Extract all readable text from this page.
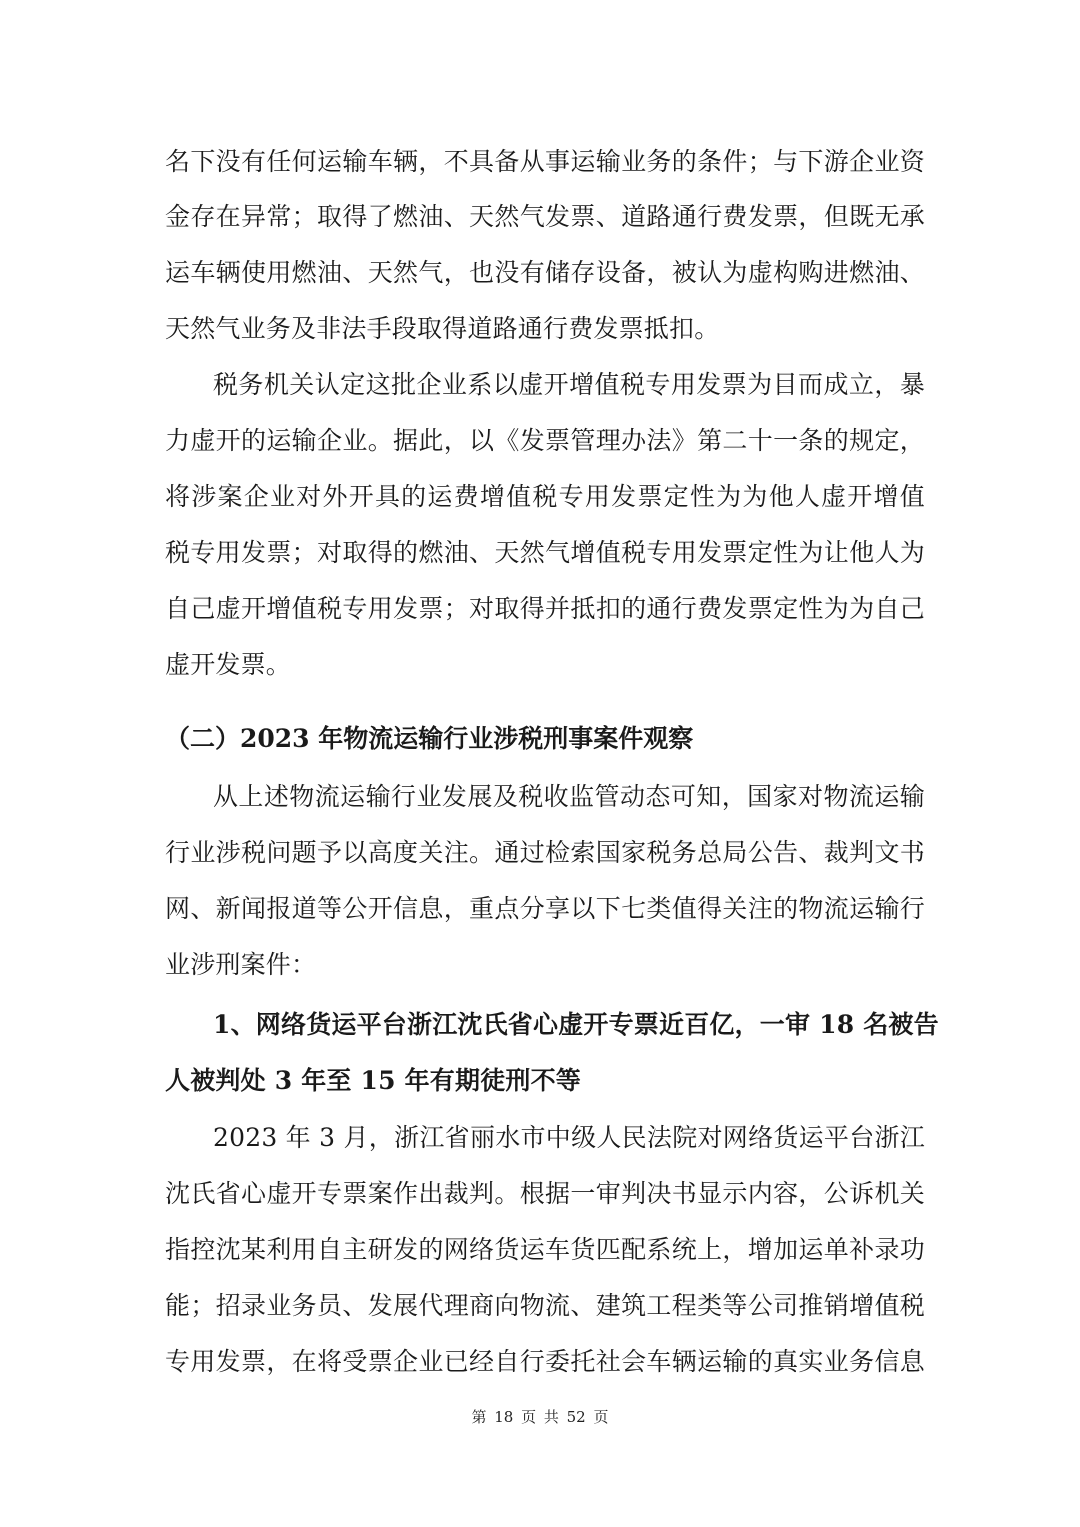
名下没有任何运输车辆，不具备从事运输业务的条件；与下游企业资
金存在异常；取得了燃油、天然气发票、道路通行费发票，但既无承
运车辆使用燃油、天然气，也没有储存设备，被认为虚构购进燃油、
天然气业务及非法手段取得道路通行费发票抵扣。
税务机关认定这批企业系以虚开增值税专用发票为目而成立，暴
力虚开的运输企业。据此，以《发票管理办法》第二十一条的规定，
将涉案企业对外开具的运费增值税专用发票定性为为他人虚开增值
税专用发票；对取得的燃油、天然气增值税专用发票定性为让他人为
自己虚开增值税专用发票；对取得并抵扣的通行费发票定性为为自己
虚开发票。
（二）2023 年物流运输行业涉税刑事案件观察
从上述物流运输行业发展及税收监管动态可知，国家对物流运输
行业涉税问题予以高度关注。通过检索国家税务总局公告、裁判文书
网、新闻报道等公开信息，重点分享以下七类值得关注的物流运输行
业涉刑案件：
1、网络货运平台浙江沈氏省心虚开专票近百亿，一审 18 名被告
人被判处 3 年至 15 年有期徒刑不等
2023 年 3 月，浙江省丽水市中级人民法院对网络货运平台浙江
沈氏省心虚开专票案作出裁判。根据一审判决书显示内容，公诉机关
指控沈某利用自主研发的网络货运车货匹配系统上，增加运单补录功
能；招录业务员、发展代理商向物流、建筑工程类等公司推销增值税
专用发票，在将受票企业已经自行委托社会车辆运输的真实业务信息
第 18 页 共 52 页
